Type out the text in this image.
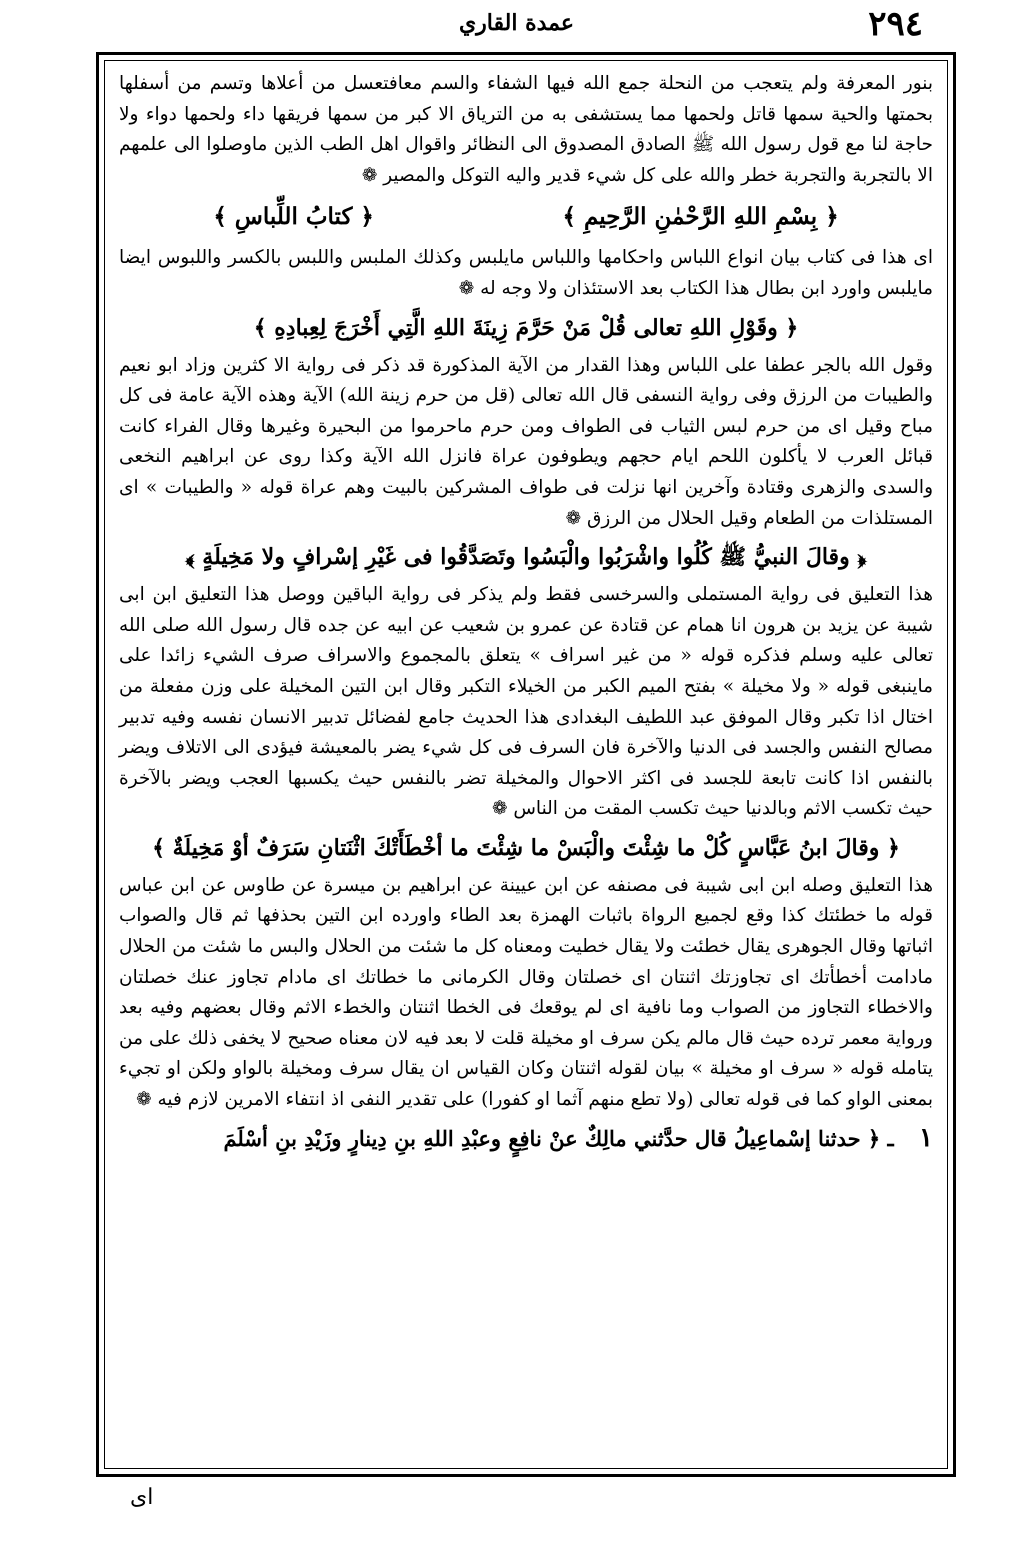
٢٩٤
عمدة القاري

بنور المعرفة ولم يتعجب من النحلة جمع الله فيها الشفاء والسم معافتعسل من أعلاها وتسم من أسفلها بحمتها والحية سمها قاتل ولحمها مما يستشفى به من الترياق الا كبر من سمها فريقها داء ولحمها دواء ولا حاجة لنا مع قول رسول الله ﷺ الصادق المصدوق الى النظائر واقوال اهل الطب الذين ماوصلوا الى علمهم الا بالتجربة والتجربة خطر والله على كل شيء قدير واليه التوكل والمصير ❁

﴿ بِسْمِ اللهِ الرَّحْمٰنِ الرَّحِيمِ ﴾
﴿ كتابُ اللِّباسِ ﴾

اى هذا فى كتاب بيان انواع اللباس واحكامها واللباس مايلبس وكذلك الملبس واللبس بالكسر واللبوس ايضا مايلبس واورد ابن بطال هذا الكتاب بعد الاستئذان ولا وجه له ❁

﴿ وقَوْلِ اللهِ تعالى قُلْ مَنْ حَرَّمَ زِينَةَ اللهِ الَّتِي أَخْرَجَ لِعِبادِهِ ﴾

وقول الله بالجر عطفا على اللباس وهذا القدار من الآية المذكورة قد ذكر فى رواية الا كثرين وزاد ابو نعيم والطيبات من الرزق وفى رواية النسفى قال الله تعالى (قل من حرم زينة الله) الآية وهذه الآية عامة فى كل مباح وقيل اى من حرم لبس الثياب فى الطواف ومن حرم ماحرموا من البحيرة وغيرها وقال الفراء كانت قبائل العرب لا يأكلون اللحم ايام حجهم ويطوفون عراة فانزل الله الآية وكذا روى عن ابراهيم النخعى والسدى والزهرى وقتادة وآخرين انها نزلت فى طواف المشركين بالبيت وهم عراة قوله « والطيبات » اى المستلذات من الطعام وقيل الحلال من الرزق ❁

﴿ وقالَ النبيُّ ﷺ كُلُوا واشْرَبُوا والْبَسُوا وتَصَدَّقُوا فى غَيْرِ إسْرافٍ ولا مَخِيلَةٍ ﴾

هذا التعليق فى رواية المستملى والسرخسى فقط ولم يذكر فى رواية الباقين ووصل هذا التعليق ابن ابى شيبة عن يزيد بن هرون انا همام عن قتادة عن عمرو بن شعيب عن ابيه عن جده قال رسول الله صلى الله تعالى عليه وسلم فذكره قوله « من غير اسراف » يتعلق بالمجموع والاسراف صرف الشيء زائدا على ماينبغى قوله « ولا مخيلة » بفتح الميم الكبر من الخيلاء التكبر وقال ابن التين المخيلة على وزن مفعلة من اختال اذا تكبر وقال الموفق عبد اللطيف البغدادى هذا الحديث جامع لفضائل تدبير الانسان نفسه وفيه تدبير مصالح النفس والجسد فى الدنيا والآخرة فان السرف فى كل شيء يضر بالمعيشة فيؤدى الى الاتلاف ويضر بالنفس اذا كانت تابعة للجسد فى اكثر الاحوال والمخيلة تضر بالنفس حيث يكسبها العجب ويضر بالآخرة حيث تكسب الاثم وبالدنيا حيث تكسب المقت من الناس ❁

﴿ وقالَ ابنُ عَبَّاسٍ كُلْ ما شِئْتَ والْبَسْ ما شِئْتَ ما أخْطَأَتْكَ اثْنَتانِ سَرَفٌ أوْ مَخِيلَةٌ ﴾

هذا التعليق وصله ابن ابى شيبة فى مصنفه عن ابن عيينة عن ابراهيم بن ميسرة عن طاوس عن ابن عباس قوله ما خطئتك كذا وقع لجميع الرواة باثبات الهمزة بعد الطاء واورده ابن التين بحذفها ثم قال والصواب اثباتها وقال الجوهرى يقال خطئت ولا يقال خطيت ومعناه كل ما شئت من الحلال والبس ما شئت من الحلال مادامت أخطأتك اى تجاوزتك اثنتان اى خصلتان وقال الكرمانى ما خطاتك اى مادام تجاوز عنك خصلتان والاخطاء التجاوز من الصواب وما نافية اى لم يوقعك فى الخطا اثنتان والخطء الاثم وقال بعضهم وفيه بعد ورواية معمر ترده حيث قال مالم يكن سرف او مخيلة قلت لا بعد فيه لان معناه صحيح لا يخفى ذلك على من يتامله قوله « سرف او مخيلة » بيان لقوله اثنتان وكان القياس ان يقال سرف ومخيلة بالواو ولكن او تجيء بمعنى الواو كما فى قوله تعالى (ولا تطع منهم آثما او كفورا) على تقدير النفى اذ انتفاء الامرين لازم فيه ❁

١ ـ ﴿ حدثنا إسْماعِيلُ قال حدَّثني مالِكٌ عنْ نافِعٍ وعبْدِ اللهِ بنِ دِينارٍ وزَيْدِ بنِ أسْلَمَ

اى
